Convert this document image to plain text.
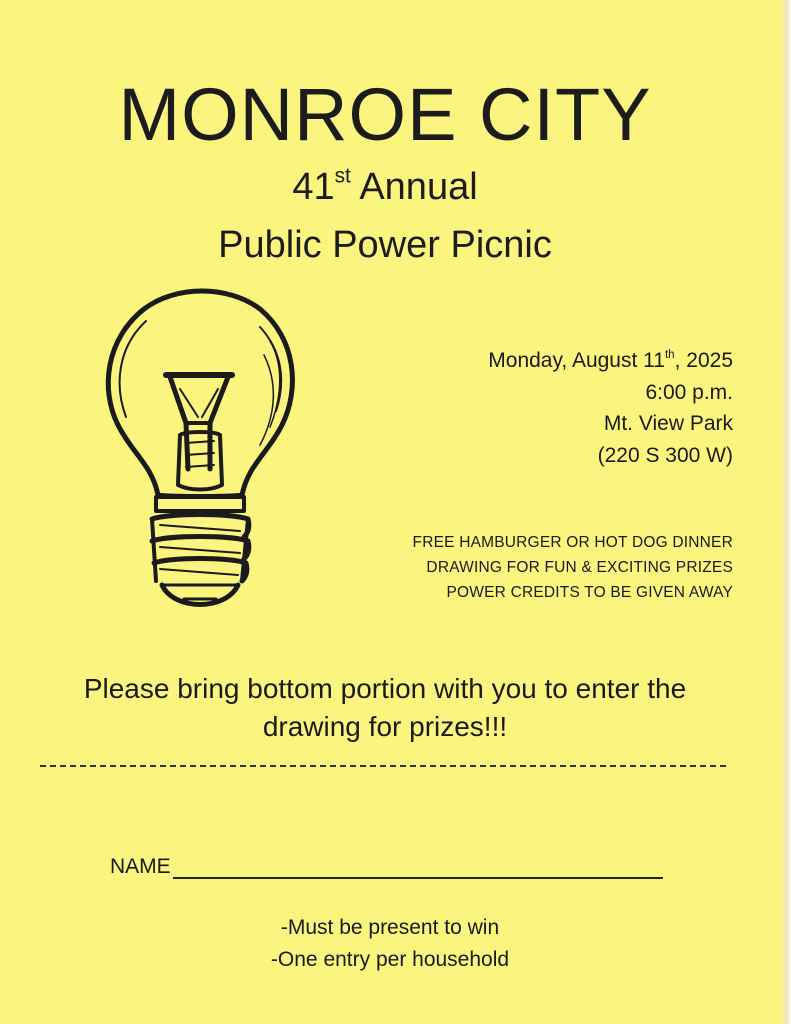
MONROE CITY

41st Annual

Public Power Picnic

Monday, August 11th, 2025
6:00 p.m.
Mt. View Park
(220 S 300 W)
FREE HAMBURGER OR HOT DOG DINNER
DRAWING FOR FUN & EXCITING PRIZES
POWER CREDITS TO BE GIVEN AWAY
Please bring bottom portion with you to enter the
drawing for prizes!!!
NAME
-Must be present to win
-One entry per household
